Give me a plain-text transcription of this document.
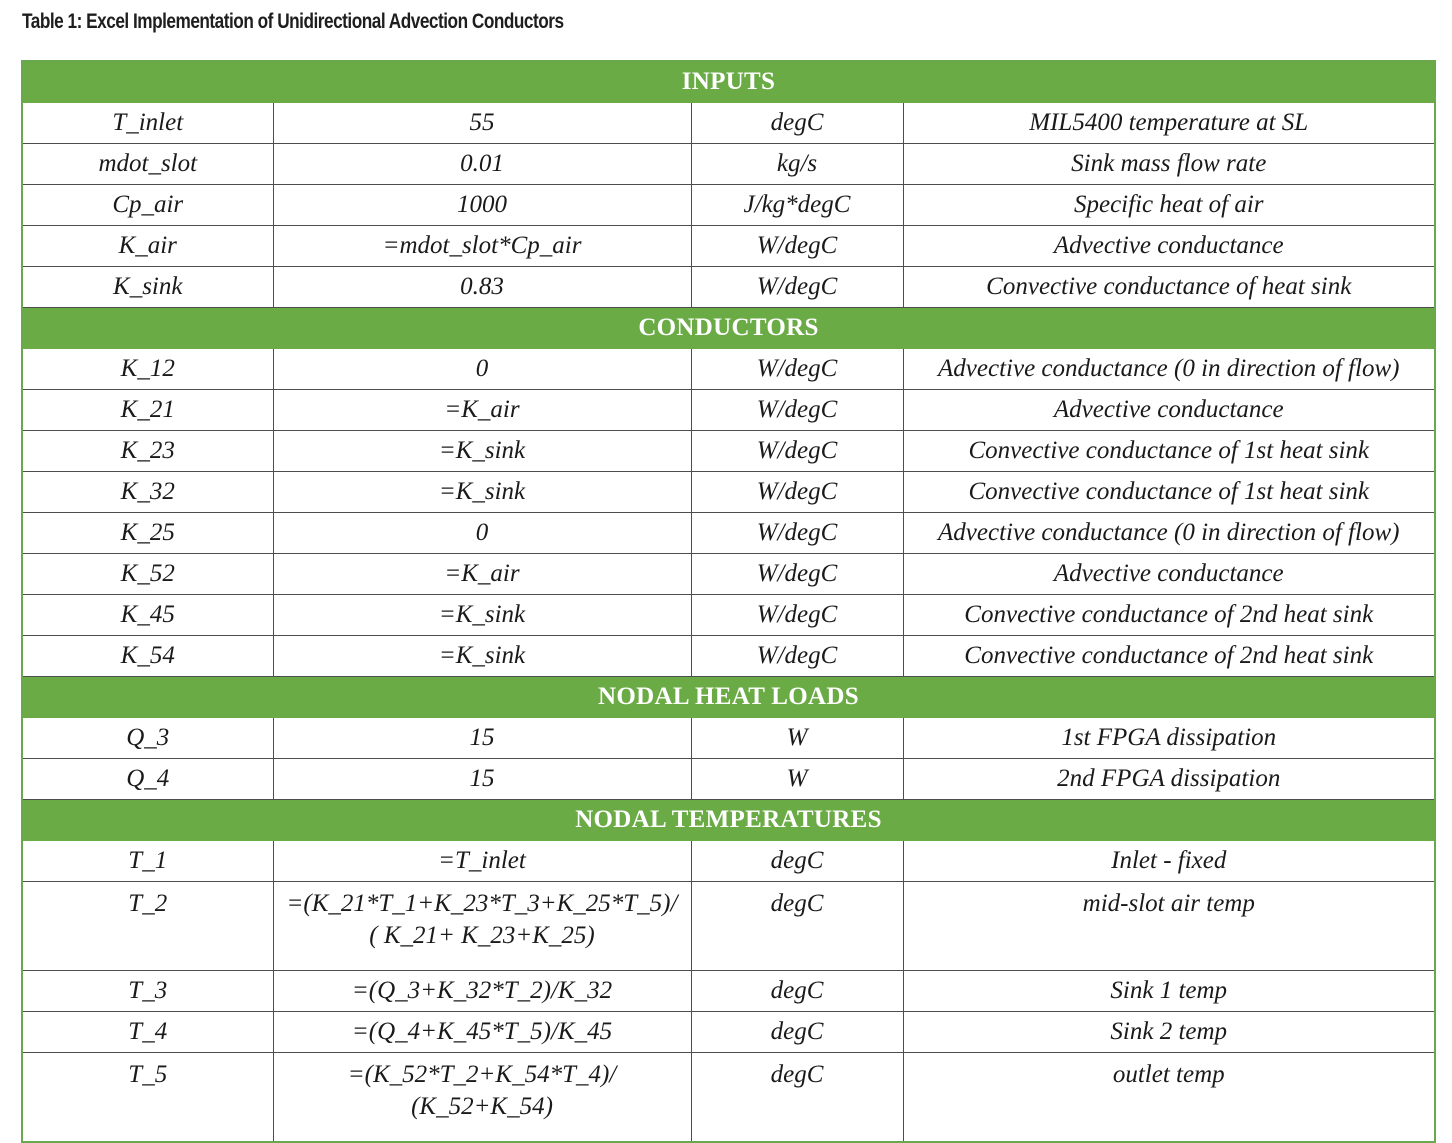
Table 1: Excel Implementation of Unidirectional Advection Conductors
INPUTS			
T_inlet	55	degC	MIL5400 temperature at SL
mdot_slot	0.01	kg/s	Sink mass flow rate
Cp_air	1000	J/kg*degC	Specific heat of air
K_air	=mdot_slot*Cp_air	W/degC	Advective conductance
K_sink	0.83	W/degC	Convective conductance of heat sink
CONDUCTORS			
K_12	0	W/degC	Advective conductance (0 in direction of flow)
K_21	=K_air	W/degC	Advective conductance
K_23	=K_sink	W/degC	Convective conductance of 1st heat sink
K_32	=K_sink	W/degC	Convective conductance of 1st heat sink
K_25	0	W/degC	Advective conductance (0 in direction of flow)
K_52	=K_air	W/degC	Advective conductance
K_45	=K_sink	W/degC	Convective conductance of 2nd heat sink
K_54	=K_sink	W/degC	Convective conductance of 2nd heat sink
NODAL HEAT LOADS			
Q_3	15	W	1st FPGA dissipation
Q_4	15	W	2nd FPGA dissipation
NODAL TEMPERATURES			
T_1	=T_inlet	degC	Inlet - fixed
T_2	=(K_21*T_1+K_23*T_3+K_25*T_5)/
( K_21+ K_23+K_25)	degC	mid-slot air temp
T_3	=(Q_3+K_32*T_2)/K_32	degC	Sink 1 temp
T_4	=(Q_4+K_45*T_5)/K_45	degC	Sink 2 temp
T_5	=(K_52*T_2+K_54*T_4)/
(K_52+K_54)	degC	outlet temp
